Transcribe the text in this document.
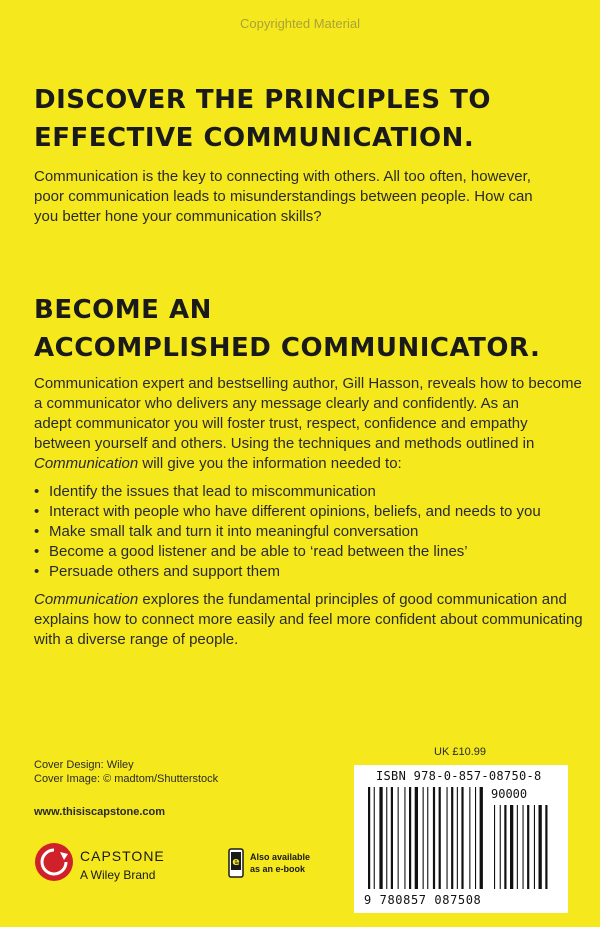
Copyrighted Material
DISCOVER THE PRINCIPLES TO
EFFECTIVE COMMUNICATION.

Communication is the key to connecting with others. All too often, however,
poor communication leads to misunderstandings between people. How can
you better hone your communication skills?

BECOME AN
ACCOMPLISHED COMMUNICATOR.

Communication expert and bestselling author, Gill Hasson, reveals how to become
a communicator who delivers any message clearly and confidently. As an
adept communicator you will foster trust, respect, confidence and empathy
between yourself and others. Using the techniques and methods outlined in
Communication will give you the information needed to:

• Identify the issues that lead to miscommunication
• Interact with people who have different opinions, beliefs, and needs to you
• Make small talk and turn it into meaningful conversation
• Become a good listener and be able to ‘read between the lines’
• Persuade others and support them

Communication explores the fundamental principles of good communication and
explains how to connect more easily and feel more confident about communicating
with a diverse range of people.

Cover Design: Wiley
Cover Image: © madtom/Shutterstock
www.thisiscapstone.com
UK £10.99
ISBN 978-0-857-08750-8
90000
9 780857 087508
CAPSTONE
A Wiley Brand
e Also available
as an e-book
